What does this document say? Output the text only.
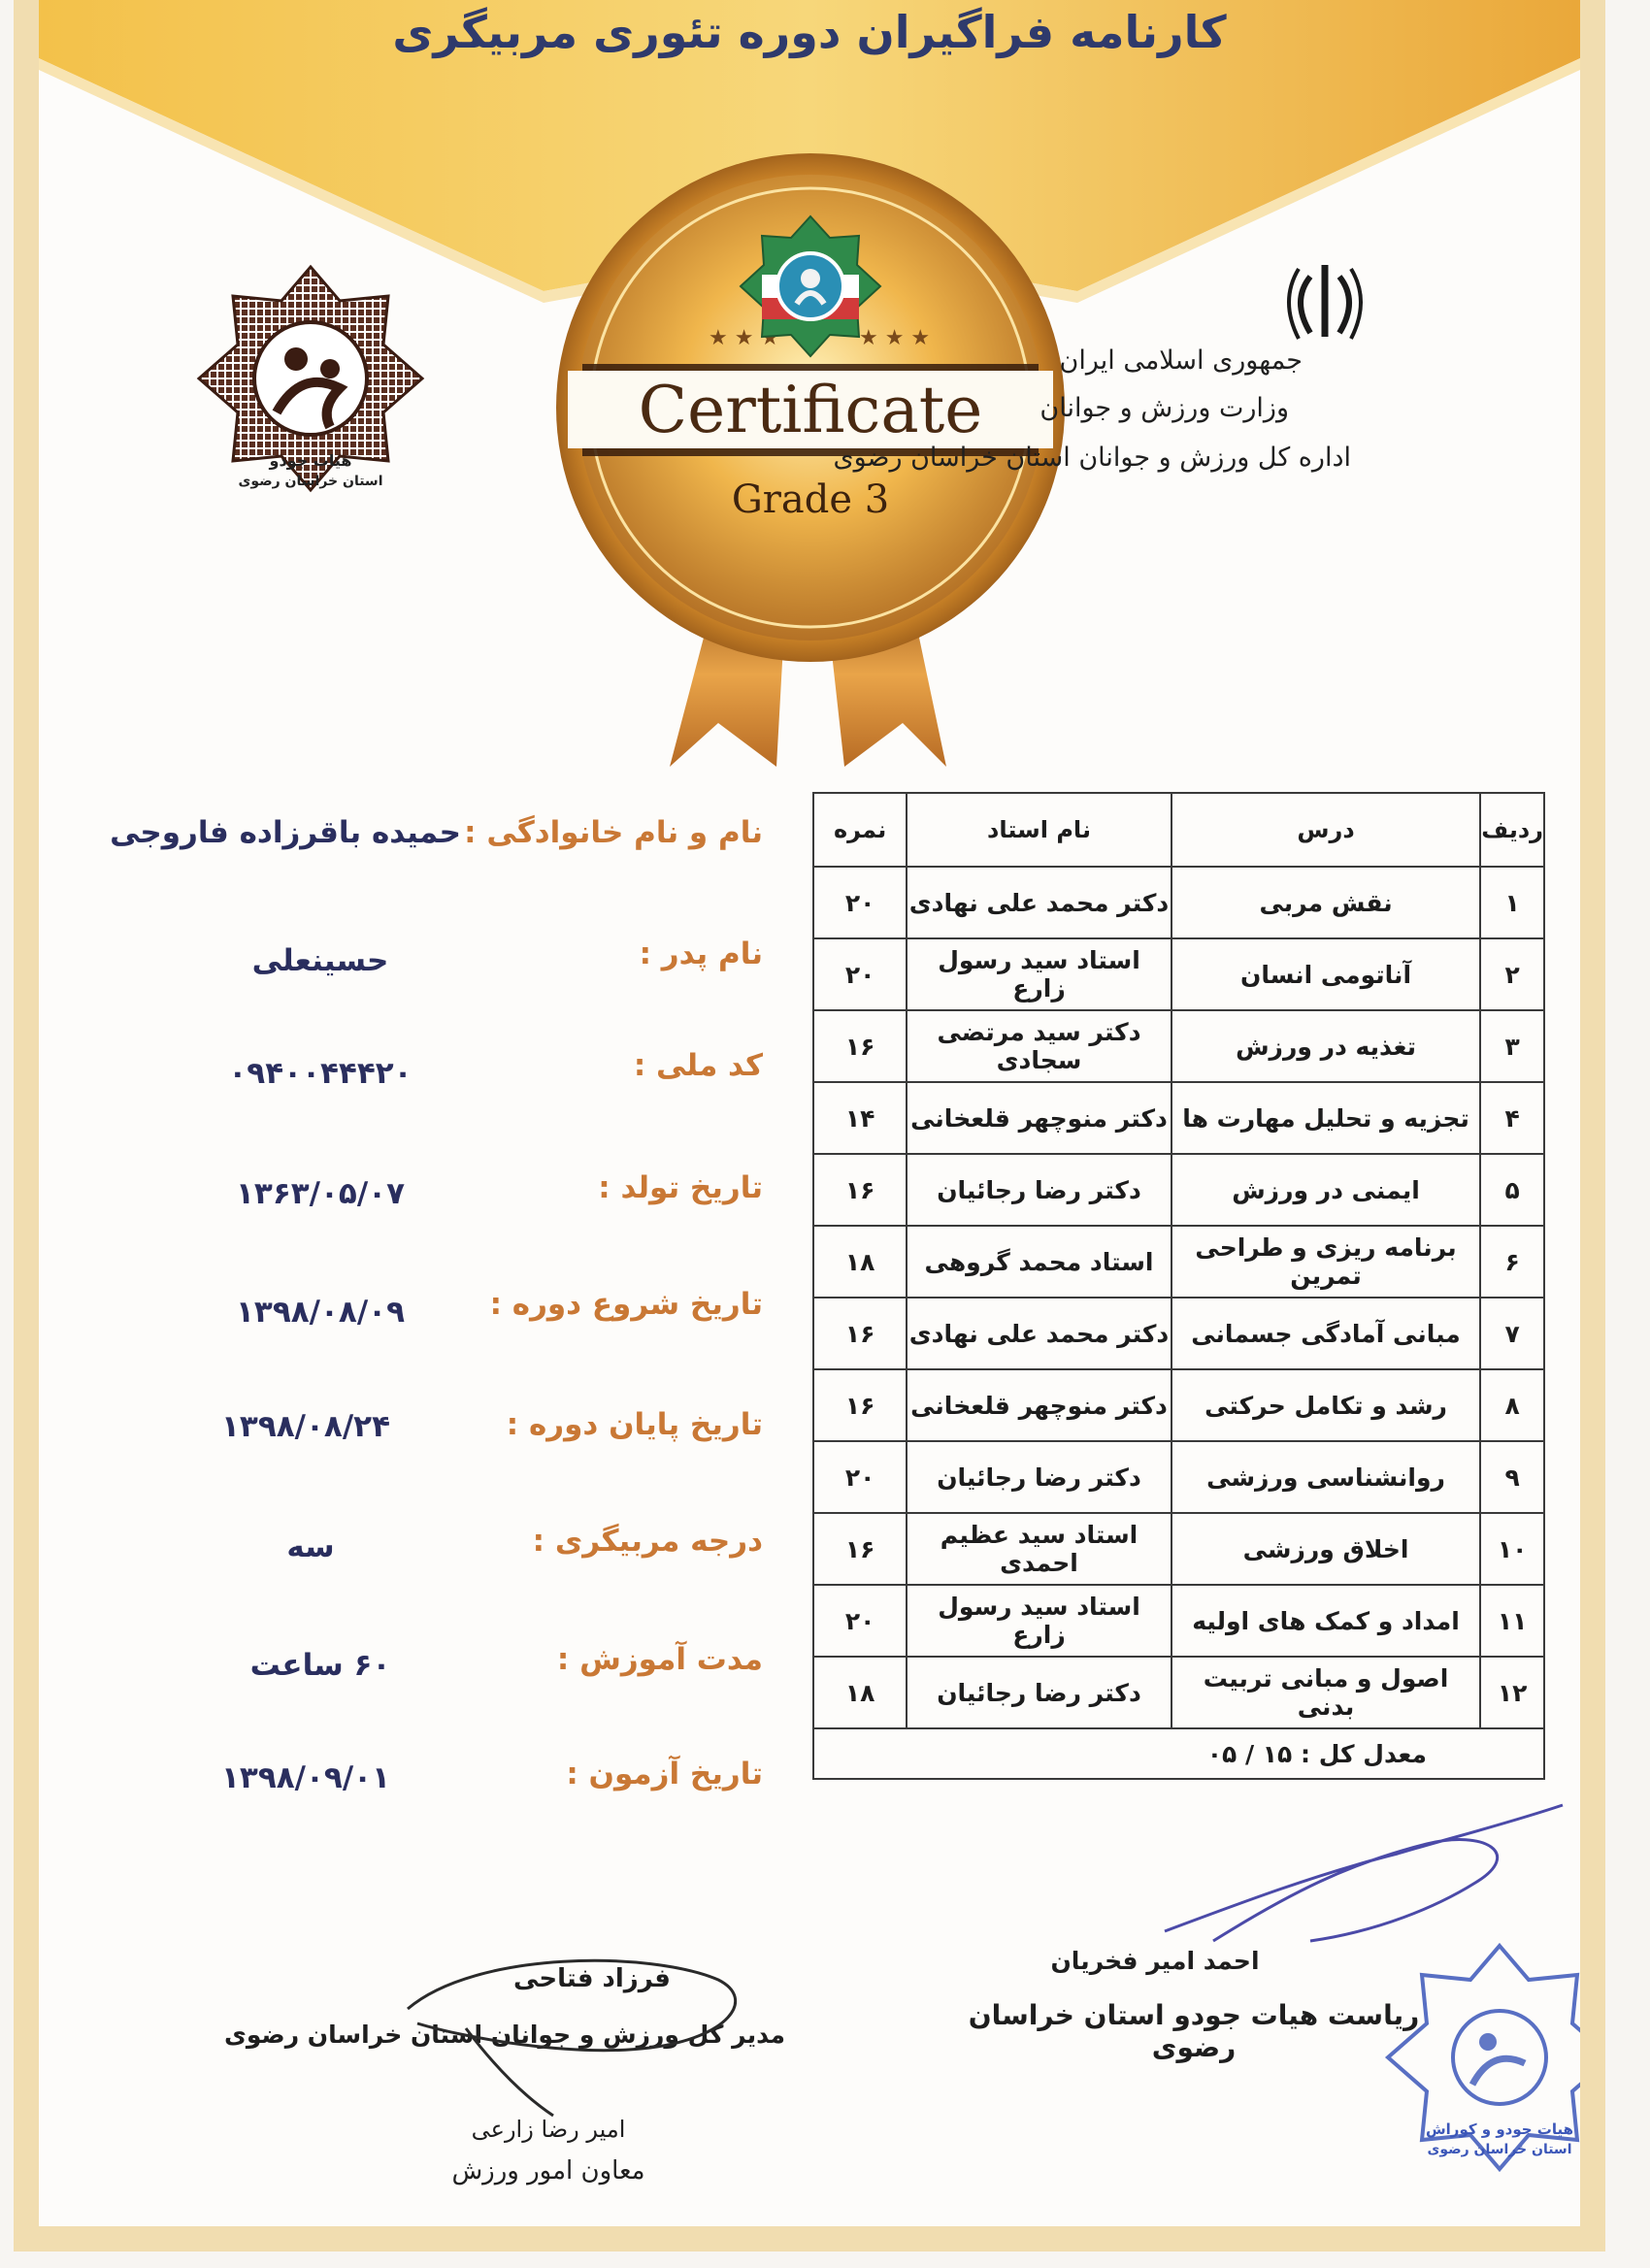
★ ★ ★	★ ★ ★
کارنامه فراگیران دوره تئوری مربیگری
Certificate
Grade 3
جمهوری اسلامی ایران
وزارت ورزش و جوانان
اداره کل ورزش و جوانان استان خراسان رضوی
هیات جودو
استان خراسان رضوی
ردیف	درس	نام استاد	نمره
۱	نقش مربی	دکتر محمد علی نهادی	۲۰
۲	آناتومی انسان	استاد سید رسول زارع	۲۰
۳	تغذیه در ورزش	دکتر سید مرتضی سجادی	۱۶
۴	تجزیه و تحلیل مهارت ها	دکتر منوچهر قلعخانی	۱۴
۵	ایمنی در ورزش	دکتر رضا رجائیان	۱۶
۶	برنامه ریزی و طراحی تمرین	استاد محمد گروهی	۱۸
۷	مبانی آمادگی جسمانی	دکتر محمد علی نهادی	۱۶
۸	رشد و تکامل حرکتی	دکتر منوچهر قلعخانی	۱۶
۹	روانشناسی ورزشی	دکتر رضا رجائیان	۲۰
۱۰	اخلاق ورزشی	استاد سید عظیم احمدی	۱۶
۱۱	امداد و کمک های اولیه	استاد سید رسول زارع	۲۰
۱۲	اصول و مبانی تربیت بدنی	دکتر رضا رجائیان	۱۸
معدل کل : ۱۵ / ۰۵			
نام و نام خانوادگی :
حمیده باقرزاده فاروجی
نام پدر :
حسینعلی
کد ملی :
۰۹۴۰۰۴۴۴۲۰
تاریخ تولد :
۱۳۶۳/۰۵/۰۷
تاریخ شروع دوره :
۱۳۹۸/۰۸/۰۹
تاریخ پایان دوره :
۱۳۹۸/۰۸/۲۴
درجه مربیگری :
سه
مدت آموزش :
۶۰ ساعت
تاریخ آزمون :
۱۳۹۸/۰۹/۰۱
احمد امیر فخریان
ریاست هیات جودو استان خراسان رضوی
فرزاد فتاحی
مدیر کل ورزش و جوانان استان خراسان رضوی
امیر رضا زارعی
معاون امور ورزش
هیات جودو و کوراش
استان خراسان رضوی
